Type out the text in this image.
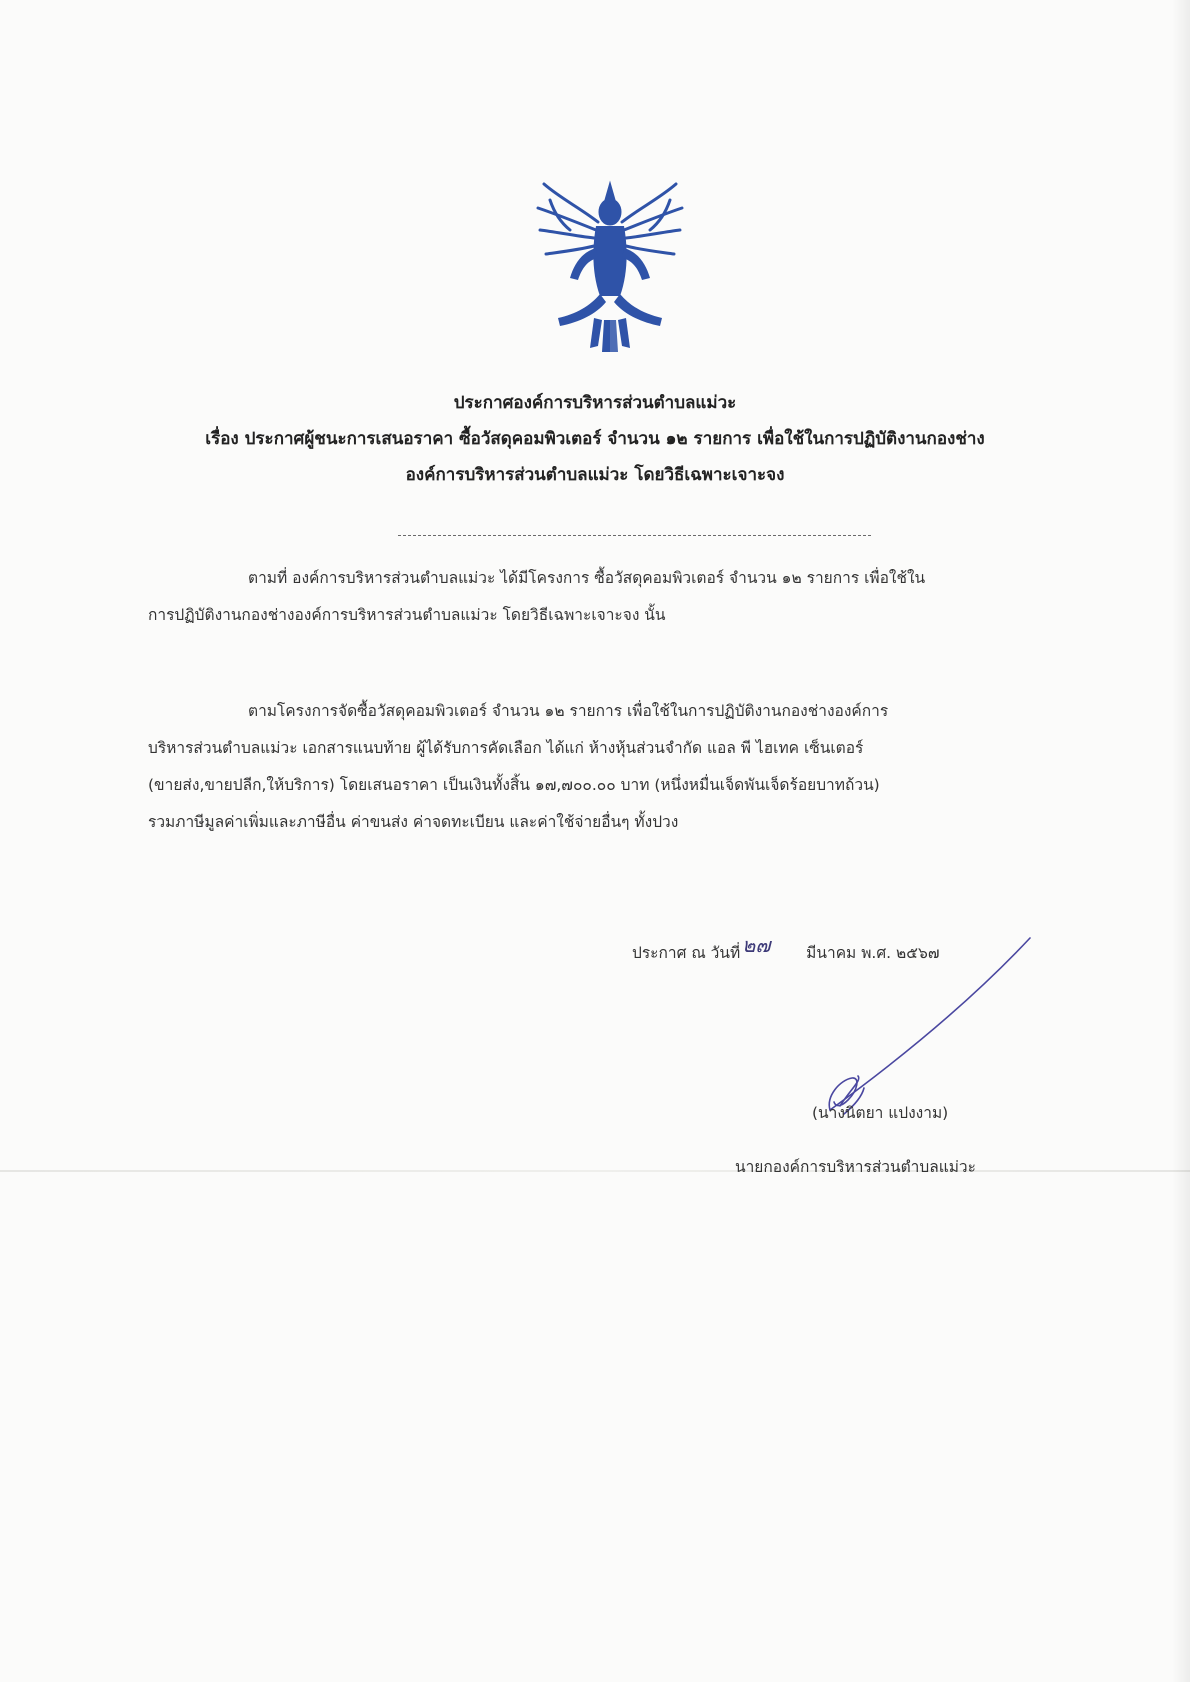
ประกาศองค์การบริหารส่วนตำบลแม่วะ
เรื่อง ประกาศผู้ชนะการเสนอราคา ซื้อวัสดุคอมพิวเตอร์ จำนวน ๑๒ รายการ เพื่อใช้ในการปฏิบัติงานกองช่าง
องค์การบริหารส่วนตำบลแม่วะ โดยวิธีเฉพาะเจาะจง
ตามที่ องค์การบริหารส่วนตำบลแม่วะ ได้มีโครงการ ซื้อวัสดุคอมพิวเตอร์ จำนวน ๑๒ รายการ เพื่อใช้ใน
การปฏิบัติงานกองช่างองค์การบริหารส่วนตำบลแม่วะ โดยวิธีเฉพาะเจาะจง นั้น
ตามโครงการจัดซื้อวัสดุคอมพิวเตอร์ จำนวน ๑๒ รายการ เพื่อใช้ในการปฏิบัติงานกองช่างองค์การ
บริหารส่วนตำบลแม่วะ เอกสารแนบท้าย ผู้ได้รับการคัดเลือก ได้แก่ ห้างหุ้นส่วนจำกัด แอล พี ไฮเทค เซ็นเตอร์
(ขายส่ง,ขายปลีก,ให้บริการ) โดยเสนอราคา เป็นเงินทั้งสิ้น ๑๗,๗๐๐.๐๐ บาท (หนึ่งหมื่นเจ็ดพันเจ็ดร้อยบาทถ้วน)
รวมภาษีมูลค่าเพิ่มและภาษีอื่น ค่าขนส่ง ค่าจดทะเบียน และค่าใช้จ่ายอื่นๆ ทั้งปวง
ประกาศ ณ วันที่ ๒๗ มีนาคม พ.ศ. ๒๕๖๗
(นางนิตยา แปงงาม)
นายกองค์การบริหารส่วนตำบลแม่วะ
